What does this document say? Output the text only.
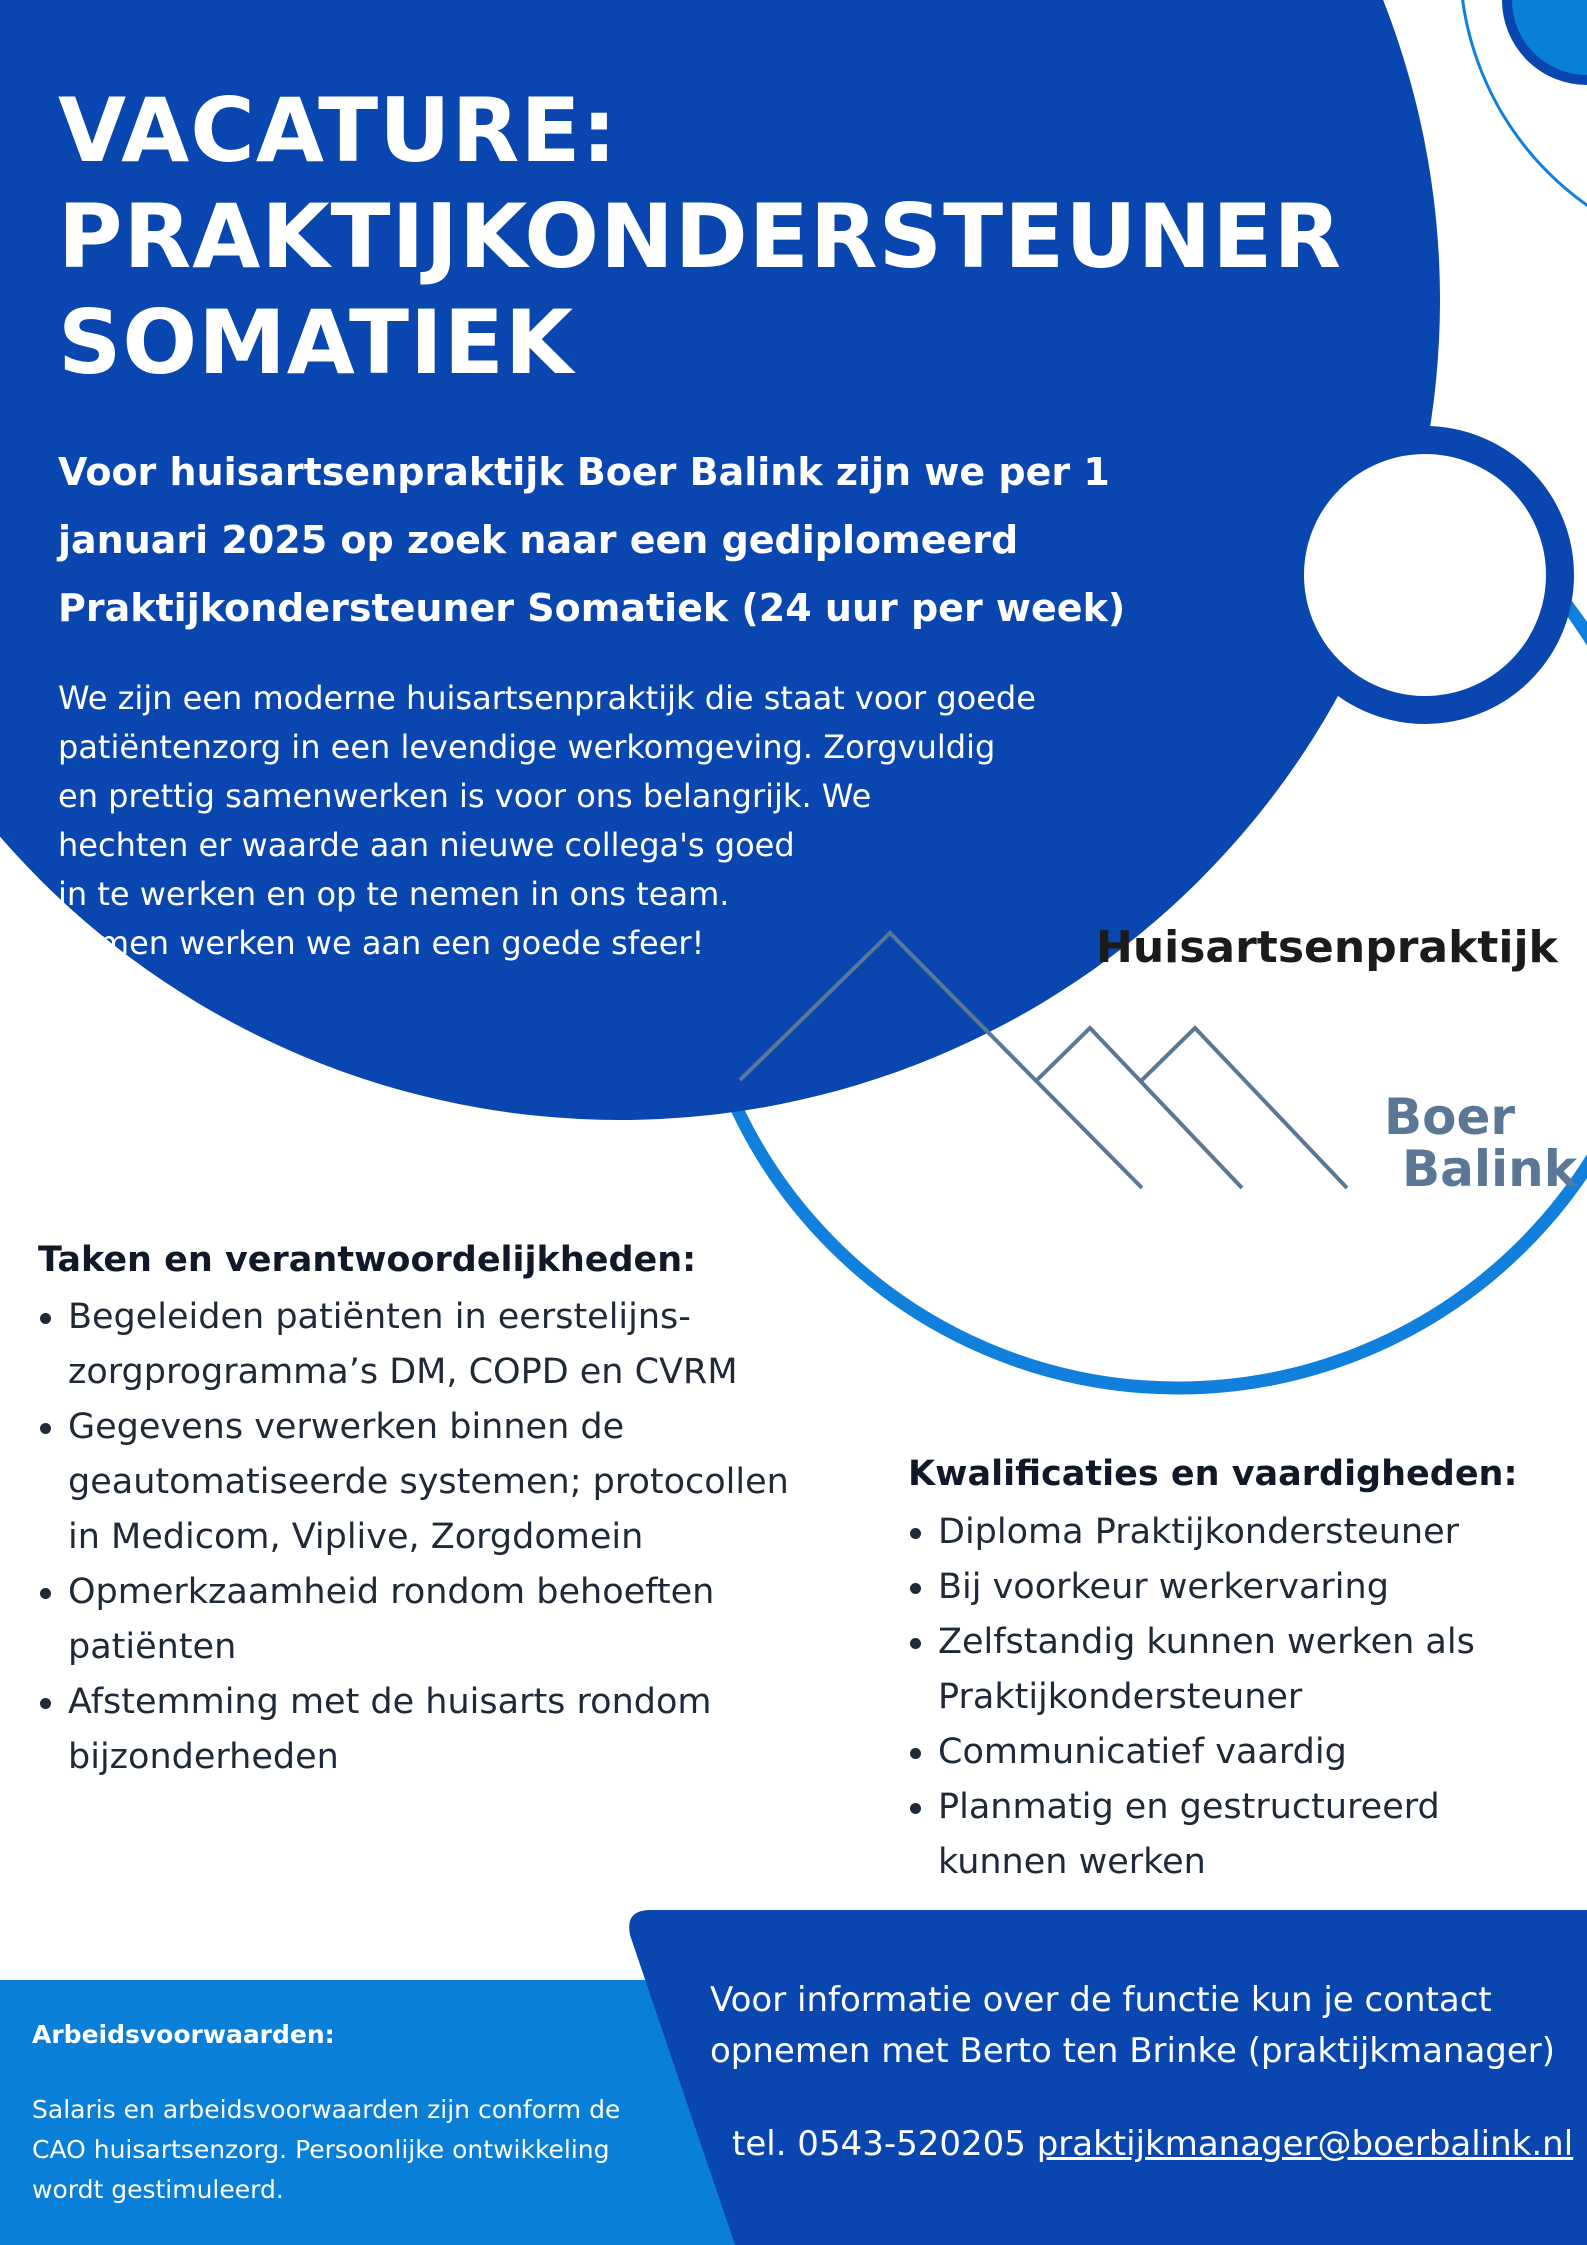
VACATURE:
PRAKTIJKONDERSTEUNER
SOMATIEK
Voor huisartsenpraktijk Boer Balink zijn we per 1
januari 2025 op zoek naar een gediplomeerd
Praktijkondersteuner Somatiek (24 uur per week)
We zijn een moderne huisartsenpraktijk die staat voor goede
patiëntenzorg in een levendige werkomgeving. Zorgvuldig
en prettig samenwerken is voor ons belangrijk. We
hechten er waarde aan nieuwe collega's goed
in te werken en op te nemen in ons team.
Samen werken we aan een goede sfeer!	Huisartsenpraktijk
Boer
Balink
Taken en verantwoordelijkheden:
Begeleiden patiënten in eerstelijns-
zorgprogramma’s DM, COPD en CVRM
Gegevens verwerken binnen de
geautomatiseerde systemen; protocollen
in Medicom, Viplive, Zorgdomein
Opmerkzaamheid rondom behoeften
patiënten
Afstemming met de huisarts rondom
bijzonderheden
Kwalificaties en vaardigheden:
Diploma Praktijkondersteuner
Bij voorkeur werkervaring
Zelfstandig kunnen werken als
Praktijkondersteuner
Communicatief vaardig
Planmatig en gestructureerd
kunnen werken
Arbeidsvoorwaarden:
Salaris en arbeidsvoorwaarden zijn conform de
CAO huisartsenzorg. Persoonlijke ontwikkeling
wordt gestimuleerd.
Voor informatie over de functie kun je contact
opnemen met Berto ten Brinke (praktijkmanager)
tel. 0543-520205 praktijkmanager@boerbalink.nl
